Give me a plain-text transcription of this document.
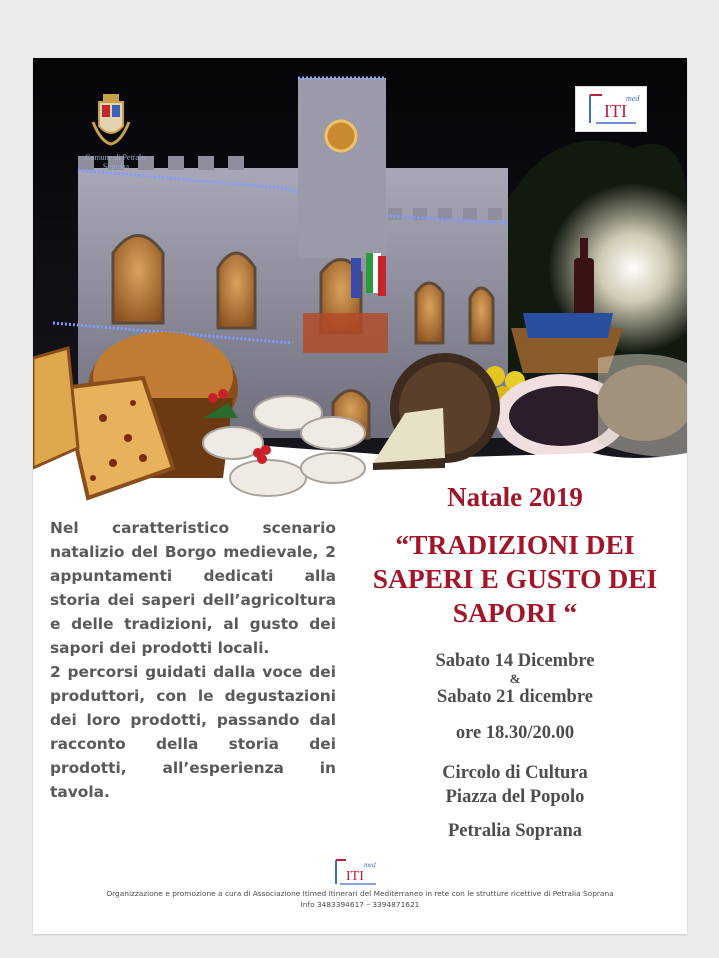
Comune di Petralia Soprana
ITI
med

Nel caratteristico scenario natalizio del Borgo medievale, 2 appuntamenti dedicati alla storia dei saperi dell’agricoltura e delle tradizioni, al gusto dei sapori dei prodotti locali.

2 percorsi guidati dalla voce dei produttori, con le degustazioni dei loro prodotti, passando dal racconto della storia dei prodotti, all’esperienza in tavola.

Natale 2019
“TRADIZIONI DEI
SAPERI E GUSTO DEI
SAPORI “
Sabato 14 Dicembre
&
Sabato 21 dicembre
ore 18.30/20.00
Circolo di Cultura
Piazza del Popolo
Petralia Soprana
ITI
med
Organizzazione e promozione a cura di Associazione Itimed Itinerari del Mediterraneo in rete con le strutture ricettive di Petralia Soprana
Info 3483394617 – 3394871621
